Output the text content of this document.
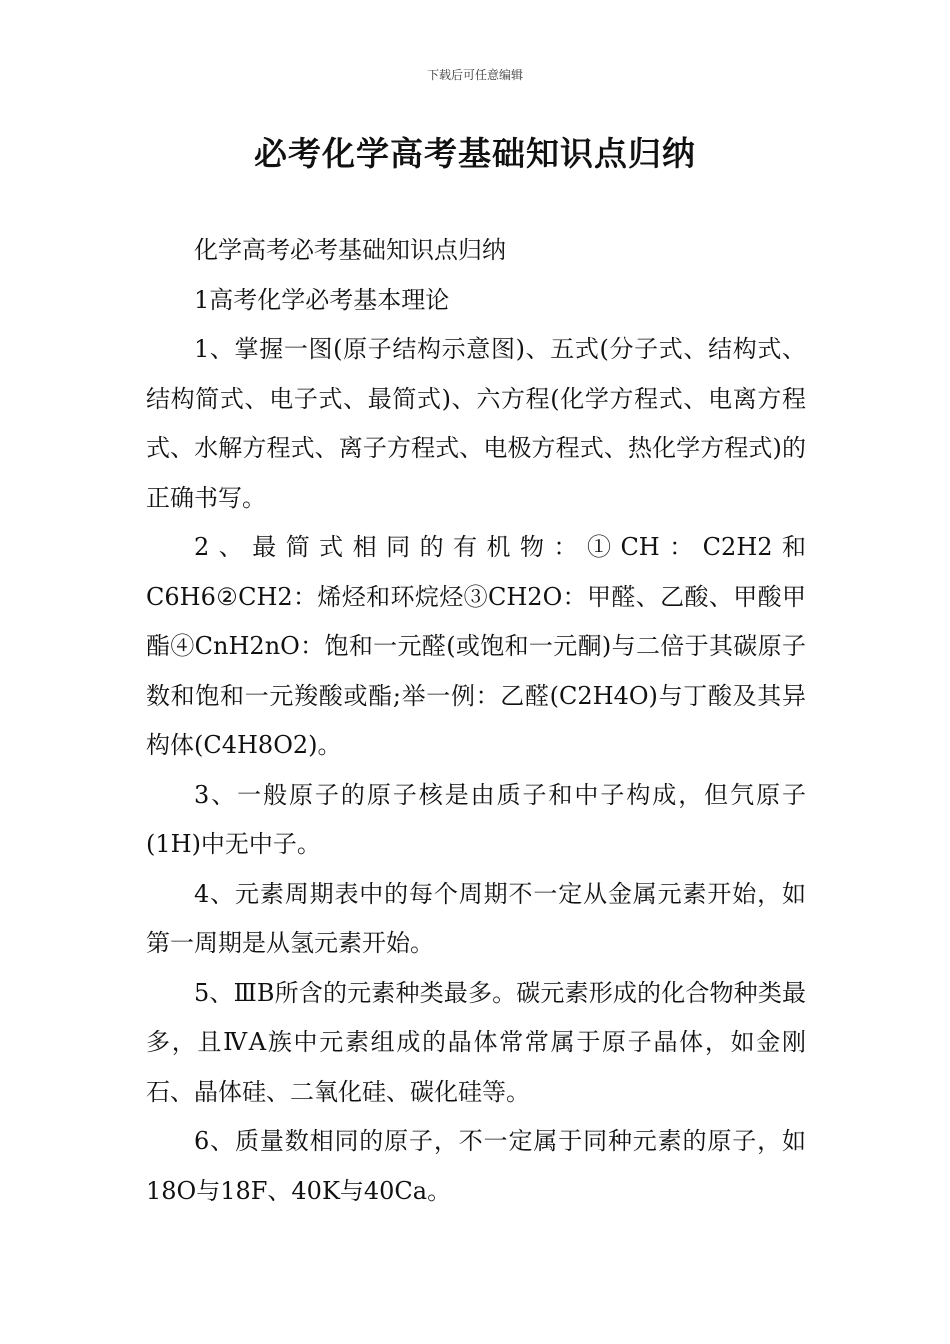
下载后可任意编辑
必考化学高考基础知识点归纳

化学高考必考基础知识点归纳

1高考化学必考基本理论

1、掌握一图(原子结构示意图)、五式(分子式、结构式、结构简式、电子式、最简式)、六方程(化学方程式、电离方程式、水解方程式、离子方程式、电极方程式、热化学方程式)的正确书写。

2、最简式相同的有机物：①CH：C2H2和C6H6②CH2：烯烃和环烷烃③CH2O：甲醛、乙酸、甲酸甲酯④CnH2nO：饱和一元醛(或饱和一元酮)与二倍于其碳原子数和饱和一元羧酸或酯;举一例：乙醛(C2H4O)与丁酸及其异构体(C4H8O2)。

3、一般原子的原子核是由质子和中子构成，但氕原子(1H)中无中子。

4、元素周期表中的每个周期不一定从金属元素开始，如第一周期是从氢元素开始。

5、ⅢB所含的元素种类最多。碳元素形成的化合物种类最多，且ⅣA族中元素组成的晶体常常属于原子晶体，如金刚石、晶体硅、二氧化硅、碳化硅等。

6、质量数相同的原子，不一定属于同种元素的原子，如18O与18F、40K与40Ca。
